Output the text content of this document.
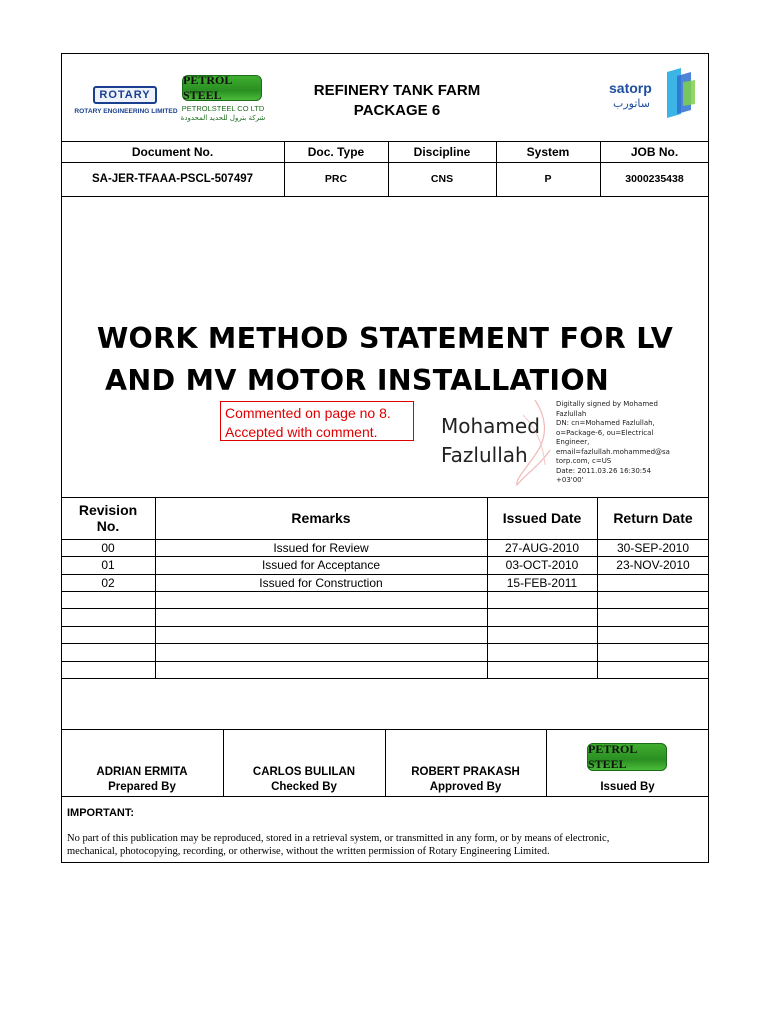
ROTARY
ROTARY ENGINEERING LIMITED
PETROL STEEL
PETROLSTEEL CO LTD
شركة بترول للحديد المحدودة
REFINERY TANK FARM
PACKAGE 6
satorp
ساتورب
Document No.	Doc. Type	Discipline	System	JOB No.
SA-JER-TFAAA-PSCL-507497	PRC	CNS	P	3000235438
WORK METHOD STATEMENT FOR LV
AND MV MOTOR INSTALLATION
Commented on page no 8.
Accepted with comment.	Mohamed
Fazlullah
Digitally signed by Mohamed
Fazlullah
DN: cn=Mohamed Fazlullah,
o=Package-6, ou=Electrical
Engineer,
email=fazlullah.mohammed@sa
torp.com, c=US
Date: 2011.03.26 16:30:54
+03'00'
Revision No.	Remarks	Issued Date	Return Date
00	Issued for Review	27-AUG-2010	30-SEP-2010
01	Issued for Acceptance	03-OCT-2010	23-NOV-2010
02	Issued for Construction	15-FEB-2011
ADRIAN ERMITA	CARLOS BULILAN	ROBERT PRAKASH
Prepared By	Checked By	Approved By	Issued By
PETROL STEEL
IMPORTANT:
No part of this publication may be reproduced, stored in a retrieval system, or transmitted in any form, or by means of electronic,
mechanical, photocopying, recording, or otherwise, without the written permission of Rotary Engineering Limited.
